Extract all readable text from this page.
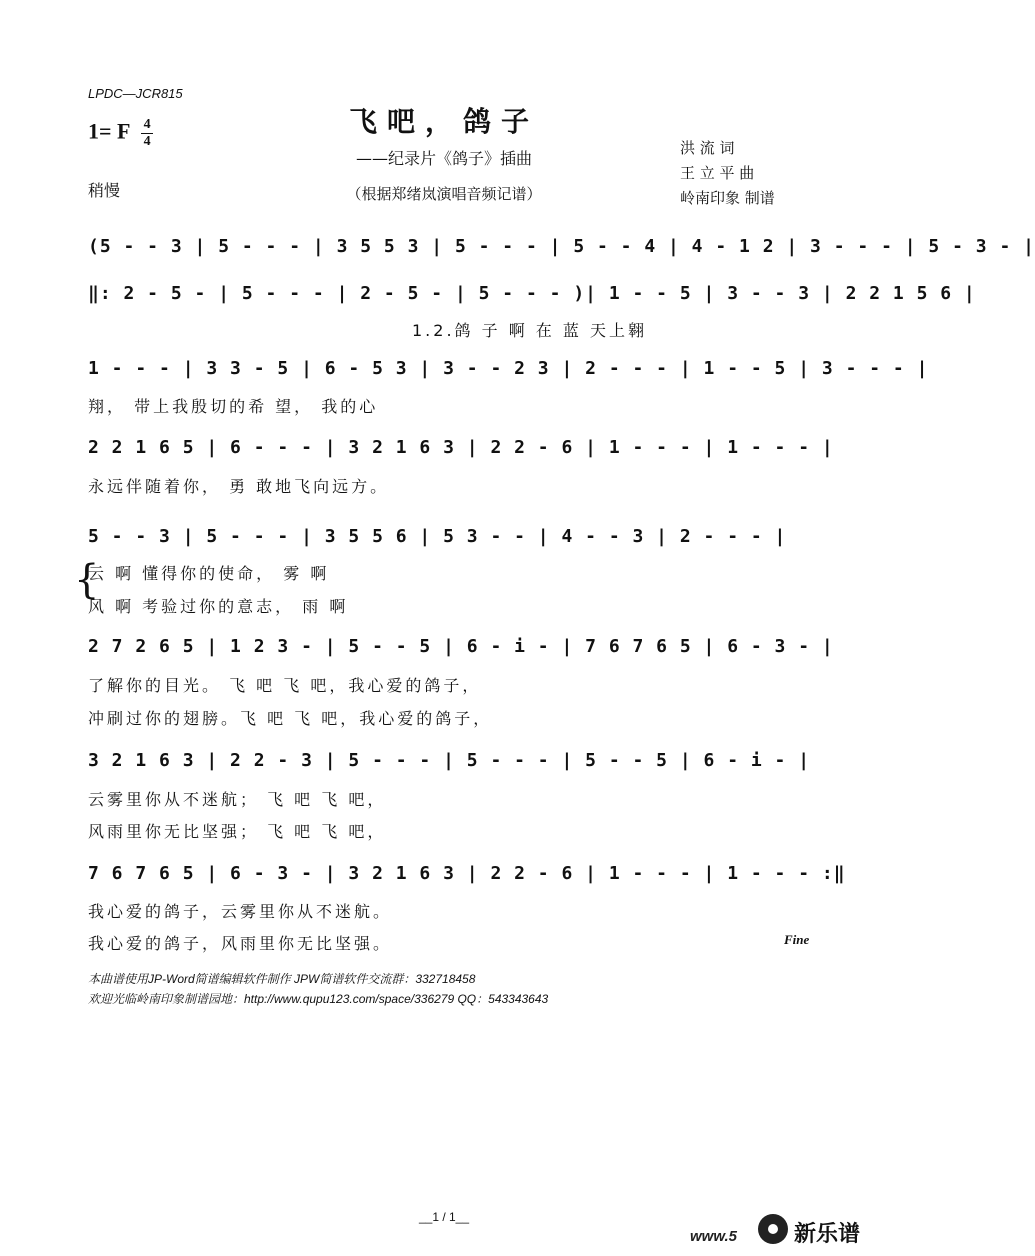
LPDC—JCR815
1= F $\frac{4}{4}$
稍慢
飞吧，鸽子
——纪录片《鸽子》插曲
（根据郑绪岚演唱音频记谱）
洪 流 词
王 立 平 曲
岭南印象 制谱
(5 - - 3 | 5 - - - | 3 5 5 3 | 5 - - - | 5 - - 4 | 4 - 1 2 | 3 - - - | 5 - 3 - |
‖: 2 - 5 - | 5 - - - | 2 - 5 - | 5 - - - )| 1 - - 5 | 3 - - 3 | 2 2 1 5 6 |
1.2.鸽 子 啊 在 蓝 天上翱
1 - - - | 3 3 - 5 | 6 - 5 3 | 3 - - 2 3 | 2 - - - | 1 - - 5 | 3 - - - |
翔， 带上我殷切的希 望， 我的心
2 2 1 6 5 | 6 - - - | 3 2 1 6 3 | 2 2 - 6 | 1 - - - | 1 - - - |
永远伴随着你， 勇 敢地飞向远方。
5 - - 3 | 5 - - - | 3 5 5 6 | 5 3 - - | 4 - - 3 | 2 - - - |
{
云 啊 懂得你的使命， 雾 啊
风 啊 考验过你的意志， 雨 啊
2 7 2 6 5 | 1 2 3 - | 5 - - 5 | 6 - i - | 7 6 7 6 5 | 6 - 3 - |
了解你的目光。 飞 吧 飞 吧，我心爱的鸽子，
冲刷过你的翅膀。飞 吧 飞 吧，我心爱的鸽子，
3 2 1 6 3 | 2 2 - 3 | 5 - - - | 5 - - - | 5 - - 5 | 6 - i - |
云雾里你从不迷航； 飞 吧 飞 吧，
风雨里你无比坚强； 飞 吧 飞 吧，
7 6 7 6 5 | 6 - 3 - | 3 2 1 6 3 | 2 2 - 6 | 1 - - - | 1 - - - :‖
我心爱的鸽子，云雾里你从不迷航。
我心爱的鸽子，风雨里你无比坚强。	Fine
本曲谱使用JP-Word简谱编辑软件制作 JPW简谱软件交流群：332718458
欢迎光临岭南印象制谱园地：http://www.qupu123.com/space/336279 QQ：543343643
__1 / 1__
www.5	新乐谱
